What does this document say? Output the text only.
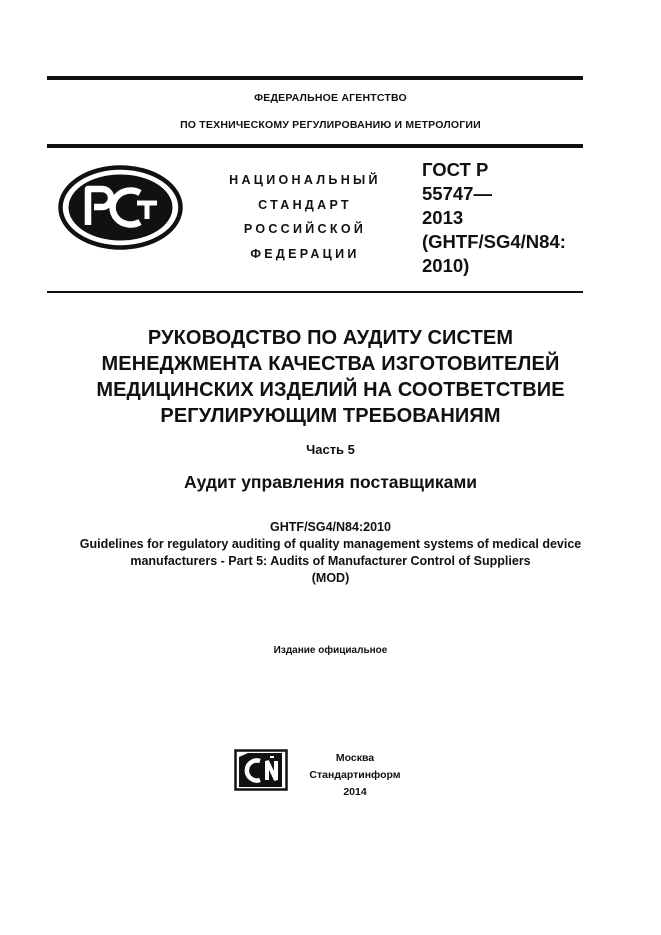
ФЕДЕРАЛЬНОЕ АГЕНТСТВО
ПО ТЕХНИЧЕСКОМУ РЕГУЛИРОВАНИЮ И МЕТРОЛОГИИ
НАЦИОНАЛЬНЫЙ
СТАНДАРТ
РОССИЙСКОЙ
ФЕДЕРАЦИИ
ГОСТ Р
55747—
2013
(GHTF/SG4/N84:
2010)
РУКОВОДСТВО ПО АУДИТУ СИСТЕМ
МЕНЕДЖМЕНТА КАЧЕСТВА ИЗГОТОВИТЕЛЕЙ
МЕДИЦИНСКИХ ИЗДЕЛИЙ НА СООТВЕТСТВИЕ
РЕГУЛИРУЮЩИМ ТРЕБОВАНИЯМ
Часть 5
Аудит управления поставщиками
GHTF/SG4/N84:2010
Guidelines for regulatory auditing of quality management systems of medical device
manufacturers - Part 5: Audits of Manufacturer Control of Suppliers
(MOD)
Издание официальное
Москва
Стандартинформ
2014
